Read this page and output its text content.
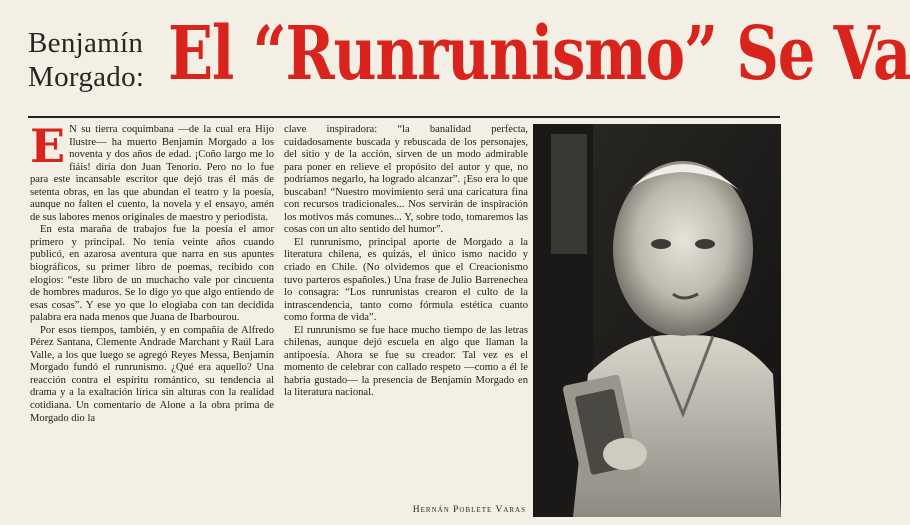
Benjamín Morgado: El “Runrunismo” Se Va
E N su tierra coquimbana —de la cual era Hijo Ilustre— ha muerto Benjamín Morgado a los noventa y dos años de edad. ¡Coño largo me lo fiáis! diría don Juan Tenorio. Pero no lo fue para este incansable escritor que dejó tras él más de setenta obras, en las que abundan el teatro y la poesía, aunque no falten el cuento, la novela y el ensayo, amén de sus labores menos originales de maestro y periodista.

En esta maraña de trabajos fue la poesía el amor primero y principal. No tenía veinte años cuando publicó, en azarosa aventura que narra en sus apuntes biográficos, su primer libro de poemas, recibido con elogios: “este libro de un muchacho vale por cincuenta de hombres maduros. Se lo digo yo que algo entiendo de esas cosas”. Y ese yo que lo elogiaba con tan decidida palabra era nada menos que Juana de Ibarbourou.

Por esos tiempos, también, y en compañía de Alfredo Pérez Santana, Clemente Andrade Marchant y Raúl Lara Valle, a los que luego se agregó Reyes Messa, Benjamín Morgado fundó el runrunismo. ¿Qué era aquello? Una reacción contra el espíritu romántico, su tendencia al drama y a la exaltación lírica sin alturas con la realidad cotidiana. Un comentario de Alone a la obra prima de Morgado dio la

clave inspiradora: “la banalidad perfecta, cuidadosamente buscada y rebuscada de los personajes, del sitio y de la acción, sirven de un modo admirable para poner en relieve el propósito del autor y que, no podríamos negarlo, ha logrado alcanzar”. ¡Eso era lo que buscaban! “Nuestro movimiento será una caricatura fina con recursos tradicionales... Nos servirán de inspiración los motivos más comunes... Y, sobre todo, tomaremos las cosas con un alto sentido del humor”.

El runrunismo, principal aporte de Morgado a la literatura chilena, es quizás, el único ismo nacido y criado en Chile. (No olvidemos que el Creacionismo tuvo parteros españoles.) Una frase de Julio Barrenechea lo consagra: “Los runrunistas crearon el culto de la intrascendencia, tanto como fórmula estética cuanto como forma de vida”.

El runrunismo se fue hace mucho tiempo de las letras chilenas, aunque dejó escuela en algo que llaman la antipoesía. Ahora se fue su creador. Tal vez es el momento de celebrar con callado respeto —como a él le habría gustado— la presencia de Benjamín Morgado en la literatura nacional.

Hernán Poblete Varas
